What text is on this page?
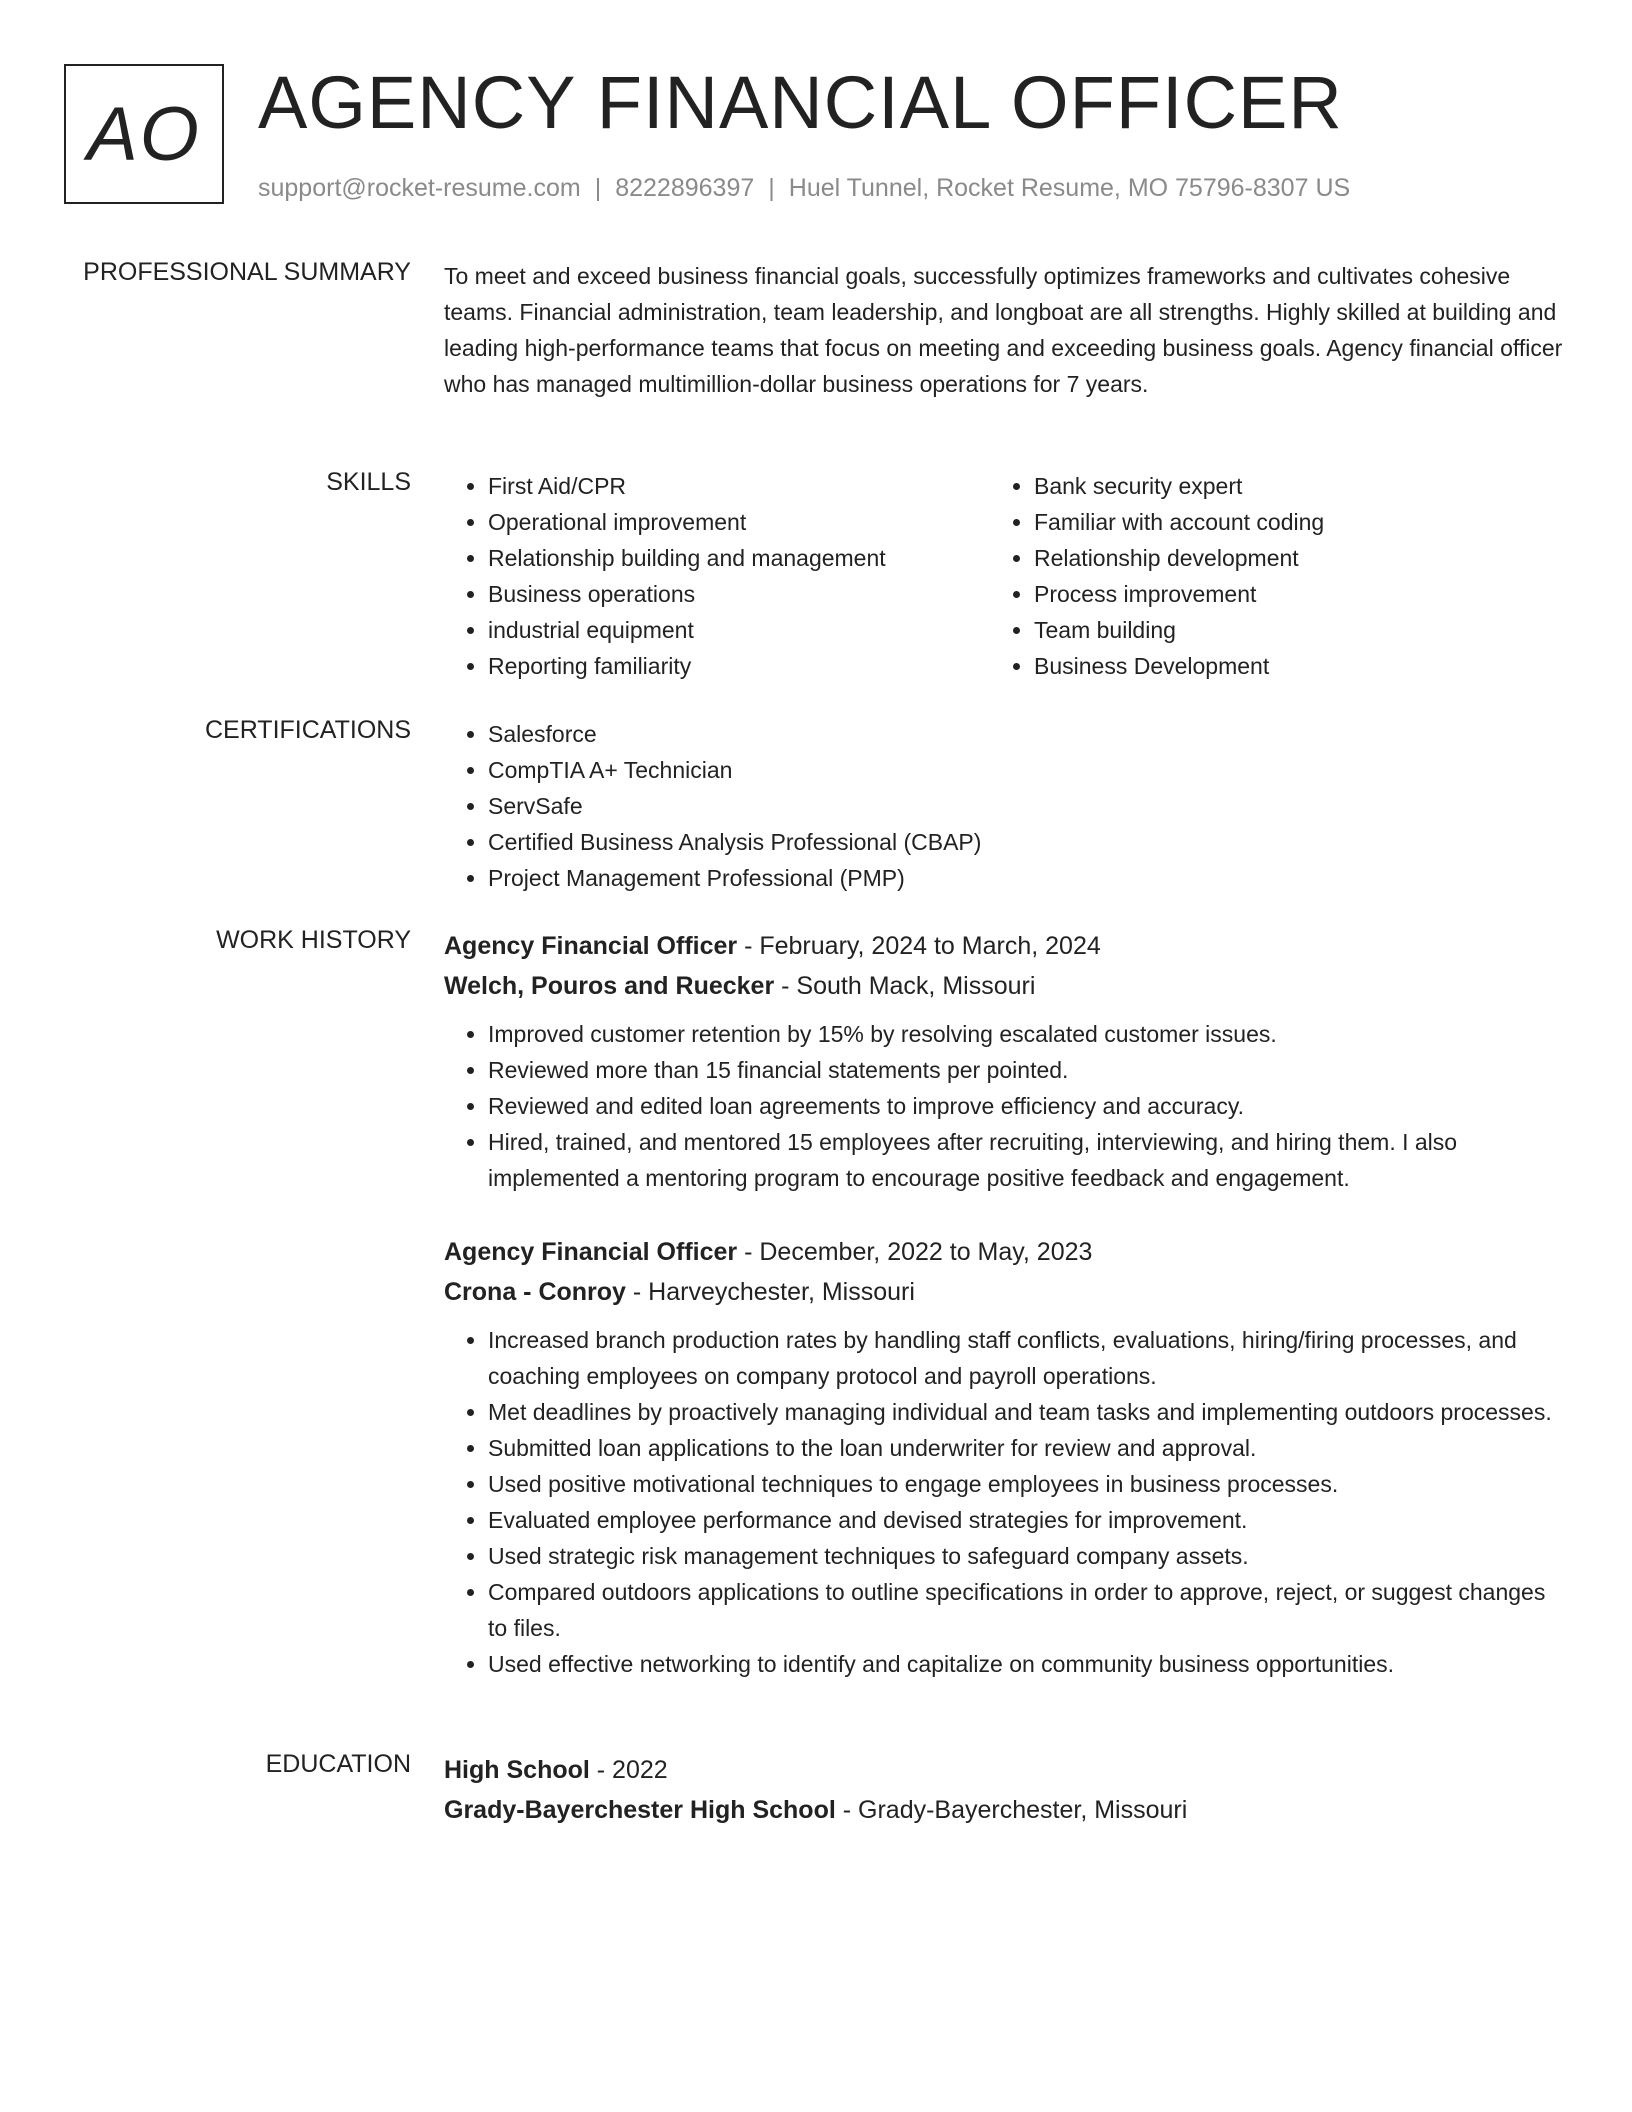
AO AGENCY FINANCIAL OFFICER
support@rocket-resume.com | 8222896397 | Huel Tunnel, Rocket Resume, MO 75796-8307 US
PROFESSIONAL SUMMARY To meet and exceed business financial goals, successfully optimizes frameworks and cultivates cohesive teams. Financial administration, team leadership, and longboat are all strengths. Highly skilled at building and leading high-performance teams that focus on meeting and exceeding business goals. Agency financial officer who has managed multimillion-dollar business operations for 7 years.

SKILLS	• First Aid/CPR
• Operational improvement
• Relationship building and management
• Business operations
• industrial equipment
• Reporting familiarity
• Bank security expert
• Familiar with account coding
• Relationship development
• Process improvement
• Team building
• Business Development
CERTIFICATIONS	• Salesforce
• CompTIA A+ Technician
• ServSafe
• Certified Business Analysis Professional (CBAP)
• Project Management Professional (PMP)
WORK HISTORY Agency Financial Officer - February, 2024 to March, 2024
Welch, Pouros and Ruecker - South Mack, Missouri
• Improved customer retention by 15% by resolving escalated customer issues.
• Reviewed more than 15 financial statements per pointed.
• Reviewed and edited loan agreements to improve efficiency and accuracy.
• Hired, trained, and mentored 15 employees after recruiting, interviewing, and hiring them. I also implemented a mentoring program to encourage positive feedback and engagement.
Agency Financial Officer - December, 2022 to May, 2023
Crona - Conroy - Harveychester, Missouri
• Increased branch production rates by handling staff conflicts, evaluations, hiring/firing processes, and coaching employees on company protocol and payroll operations.
• Met deadlines by proactively managing individual and team tasks and implementing outdoors processes.
• Submitted loan applications to the loan underwriter for review and approval.
• Used positive motivational techniques to engage employees in business processes.
• Evaluated employee performance and devised strategies for improvement.
• Used strategic risk management techniques to safeguard company assets.
• Compared outdoors applications to outline specifications in order to approve, reject, or suggest changes to files.
• Used effective networking to identify and capitalize on community business opportunities.
EDUCATION High School - 2022
Grady-Bayerchester High School - Grady-Bayerchester, Missouri
